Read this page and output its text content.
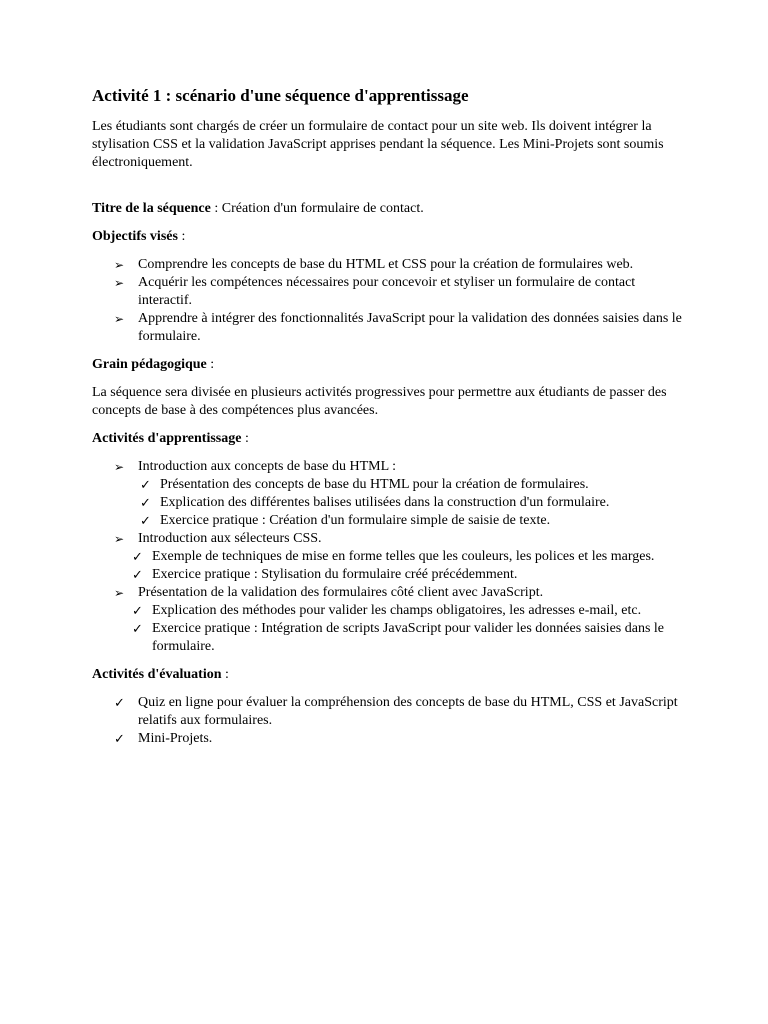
Activité 1 : scénario d'une séquence d'apprentissage

Les étudiants sont chargés de créer un formulaire de contact pour un site web. Ils doivent intégrer la stylisation CSS et la validation JavaScript apprises pendant la séquence. Les Mini-Projets sont soumis électroniquement.

Titre de la séquence : Création d'un formulaire de contact.

Objectifs visés :

➢ Comprendre les concepts de base du HTML et CSS pour la création de formulaires web.
➢ Acquérir les compétences nécessaires pour concevoir et styliser un formulaire de contact interactif.
➢ Apprendre à intégrer des fonctionnalités JavaScript pour la validation des données saisies dans le formulaire.

Grain pédagogique :

La séquence sera divisée en plusieurs activités progressives pour permettre aux étudiants de passer des concepts de base à des compétences plus avancées.

Activités d'apprentissage :

➢ Introduction aux concepts de base du HTML :
✓ Présentation des concepts de base du HTML pour la création de formulaires.
✓ Explication des différentes balises utilisées dans la construction d'un formulaire.
✓ Exercice pratique : Création d'un formulaire simple de saisie de texte.
➢ Introduction aux sélecteurs CSS.
✓ Exemple de techniques de mise en forme telles que les couleurs, les polices et les marges.
✓ Exercice pratique : Stylisation du formulaire créé précédemment.
➢ Présentation de la validation des formulaires côté client avec JavaScript.
✓ Explication des méthodes pour valider les champs obligatoires, les adresses e-mail, etc.
✓ Exercice pratique : Intégration de scripts JavaScript pour valider les données saisies dans le formulaire.

Activités d'évaluation :

✓ Quiz en ligne pour évaluer la compréhension des concepts de base du HTML, CSS et JavaScript relatifs aux formulaires.
✓ Mini-Projets.
